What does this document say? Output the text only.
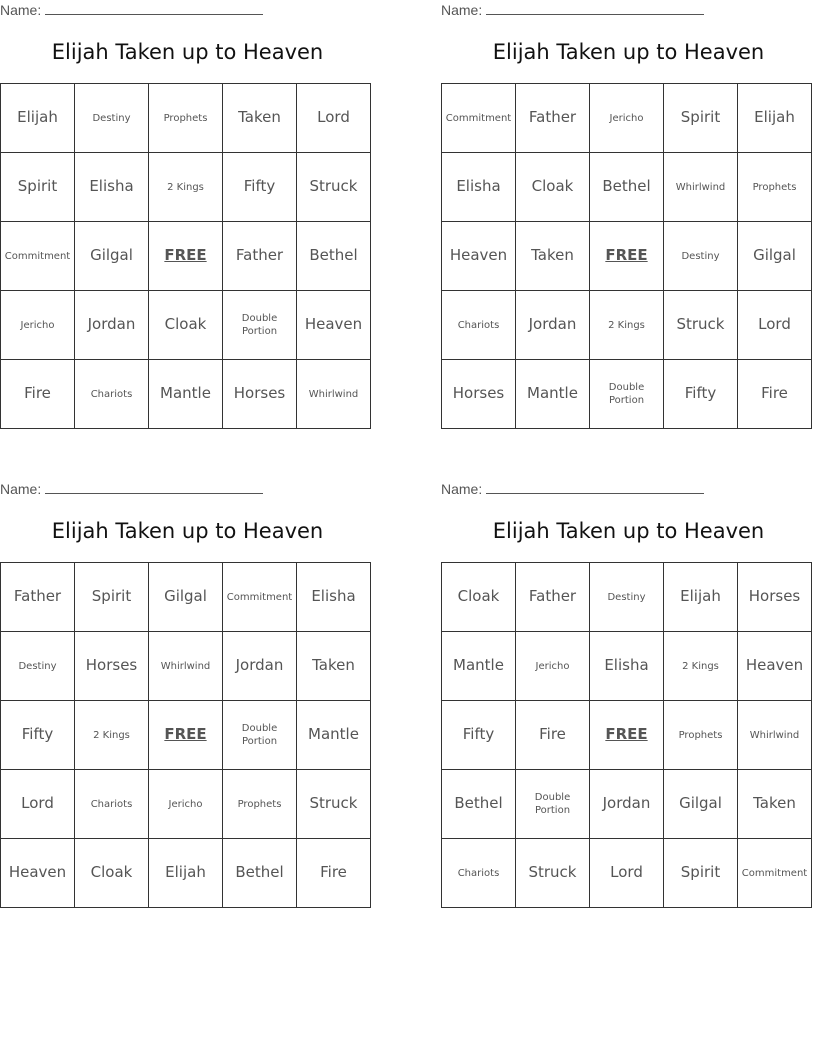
Name:
Elijah Taken up to Heaven
Elijah	Destiny	Prophets	Taken	Lord
Spirit	Elisha	2 Kings	Fifty	Struck
Commitment	Gilgal	FREE	Father	Bethel
Jericho	Jordan	Cloak	Double Portion	Heaven
Fire	Chariots	Mantle	Horses	Whirlwind
Name:
Elijah Taken up to Heaven
Commitment	Father	Jericho	Spirit	Elijah
Elisha	Cloak	Bethel	Whirlwind	Prophets
Heaven	Taken	FREE	Destiny	Gilgal
Chariots	Jordan	2 Kings	Struck	Lord
Horses	Mantle	Double Portion	Fifty	Fire
Name:
Elijah Taken up to Heaven
Father	Spirit	Gilgal	Commitment	Elisha
Destiny	Horses	Whirlwind	Jordan	Taken
Fifty	2 Kings	FREE	Double Portion	Mantle
Lord	Chariots	Jericho	Prophets	Struck
Heaven	Cloak	Elijah	Bethel	Fire
Name:
Elijah Taken up to Heaven
Cloak	Father	Destiny	Elijah	Horses
Mantle	Jericho	Elisha	2 Kings	Heaven
Fifty	Fire	FREE	Prophets	Whirlwind
Bethel	Double Portion	Jordan	Gilgal	Taken
Chariots	Struck	Lord	Spirit	Commitment
